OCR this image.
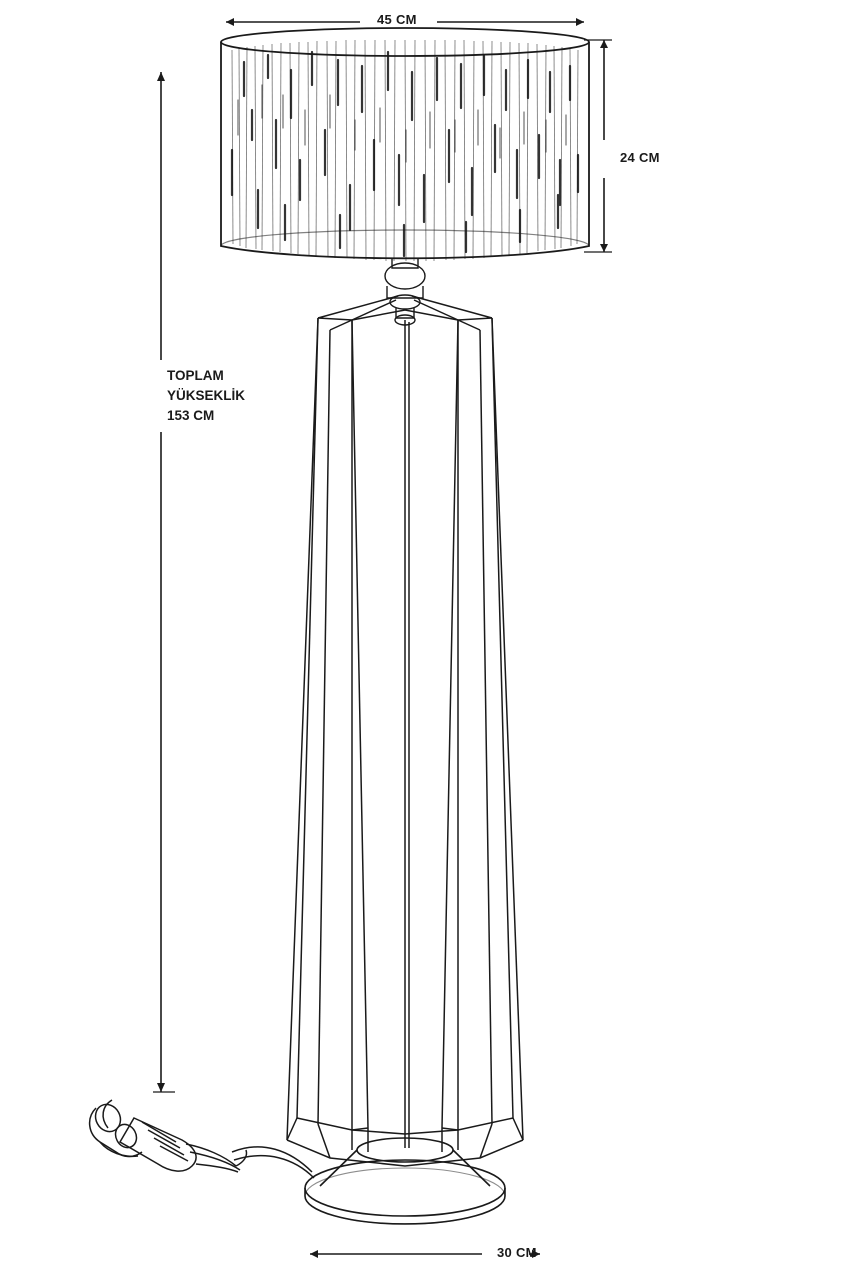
45 CM
24 CM
30 CM
TOPLAM
YÜKSEKLİK
153 CM
